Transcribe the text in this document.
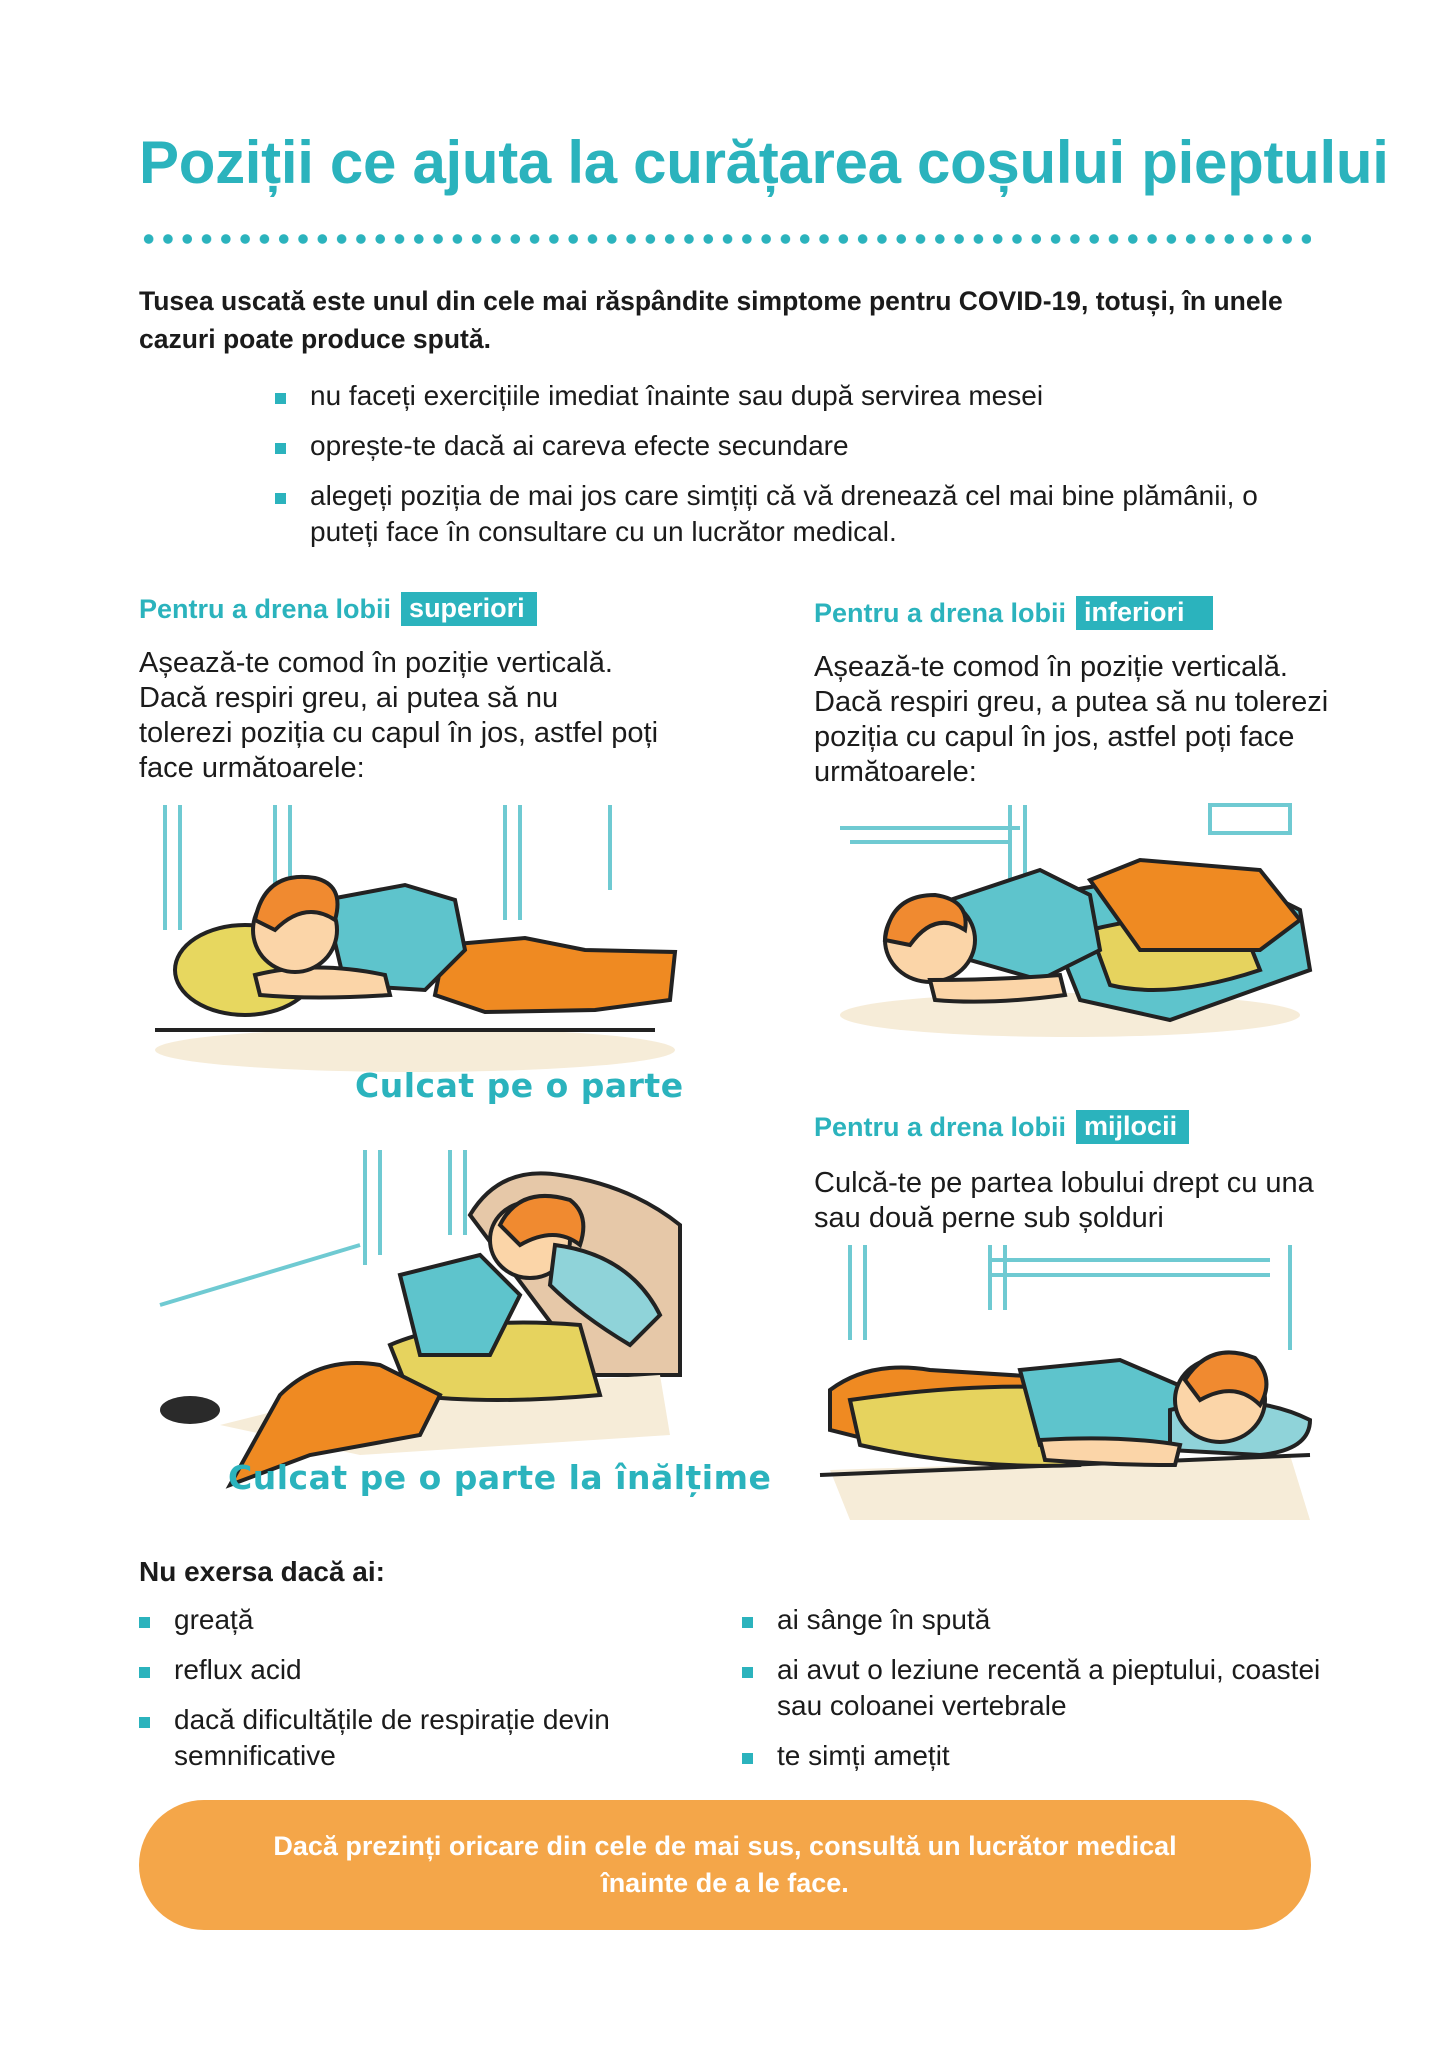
Poziții ce ajuta la curățarea coșului pieptului
Tusea uscată este unul din cele mai răspândite simptome pentru COVID-19, totuși, în unele cazuri poate produce spută.
nu faceți exercițiile imediat înainte sau după servirea mesei
oprește-te dacă ai careva efecte secundare
alegeți poziția de mai jos care simțiți că vă drenează cel mai bine plămânii, o puteți face în consultare cu un lucrător medical.
Pentru a drena lobii superiori
Așează-te comod în poziție verticală. Dacă respiri greu, ai putea să nu tolerezi poziția cu capul în jos, astfel poți face următoarele:
Pentru a drena lobii inferiori
Așează-te comod în poziție verticală. Dacă respiri greu, a putea să nu tolerezi poziția cu capul în jos, astfel poți face următoarele:
Pentru a drena lobii mijlocii
Culcă-te pe partea lobului drept cu una sau două perne sub șolduri
Culcat pe o parte
Culcat pe o parte la înălțime
Nu exersa dacă ai:
greață
reflux acid
dacă dificultățile de respirație devin semnificative
ai sânge în spută
ai avut o leziune recentă a pieptului, coastei sau coloanei vertebrale
te simți amețit
Dacă prezinți oricare din cele de mai sus, consultă un lucrător medical înainte de a le face.
